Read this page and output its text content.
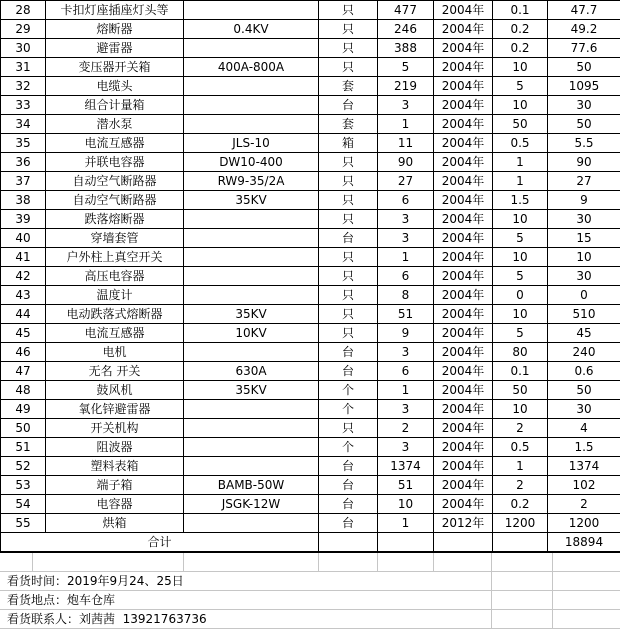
28	卡扣灯座插座灯头等		只	477	2004年	0.1	47.7
29	熔断器	0.4KV	只	246	2004年	0.2	49.2
30	避雷器		只	388	2004年	0.2	77.6
31	变压器开关箱	400A-800A	只	5	2004年	10	50
32	电缆头		套	219	2004年	5	1095
33	组合计量箱		台	3	2004年	10	30
34	潜水泵		套	1	2004年	50	50
35	电流互感器	JLS-10	箱	11	2004年	0.5	5.5
36	并联电容器	DW10-400	只	90	2004年	1	90
37	自动空气断路器	RW9-35/2A	只	27	2004年	1	27
38	自动空气断路器	35KV	只	6	2004年	1.5	9
39	跌落熔断器		只	3	2004年	10	30
40	穿墙套管		台	3	2004年	5	15
41	户外柱上真空开关		只	1	2004年	10	10
42	高压电容器		只	6	2004年	5	30
43	温度计		只	8	2004年	0	0
44	电动跌落式熔断器	35KV	只	51	2004年	10	510
45	电流互感器	10KV	只	9	2004年	5	45
46	电机		台	3	2004年	80	240
47	无名 开关	630A	台	6	2004年	0.1	0.6
48	鼓风机	35KV	个	1	2004年	50	50
49	氧化锌避雷器		个	3	2004年	10	30
50	开关机构		只	2	2004年	2	4
51	阻波器		个	3	2004年	0.5	1.5
52	塑料表箱		台	1374	2004年	1	1374
53	端子箱	BAMB-50W	台	51	2004年	2	102
54	电容器	JSGK-12W	台	10	2004年	0.2	2
55	烘箱		台	1	2012年	1200	1200
合计							18894
看货时间：2019年9月24、25日
看货地点：炮车仓库
看货联系人：刘茜茜  13921763736
